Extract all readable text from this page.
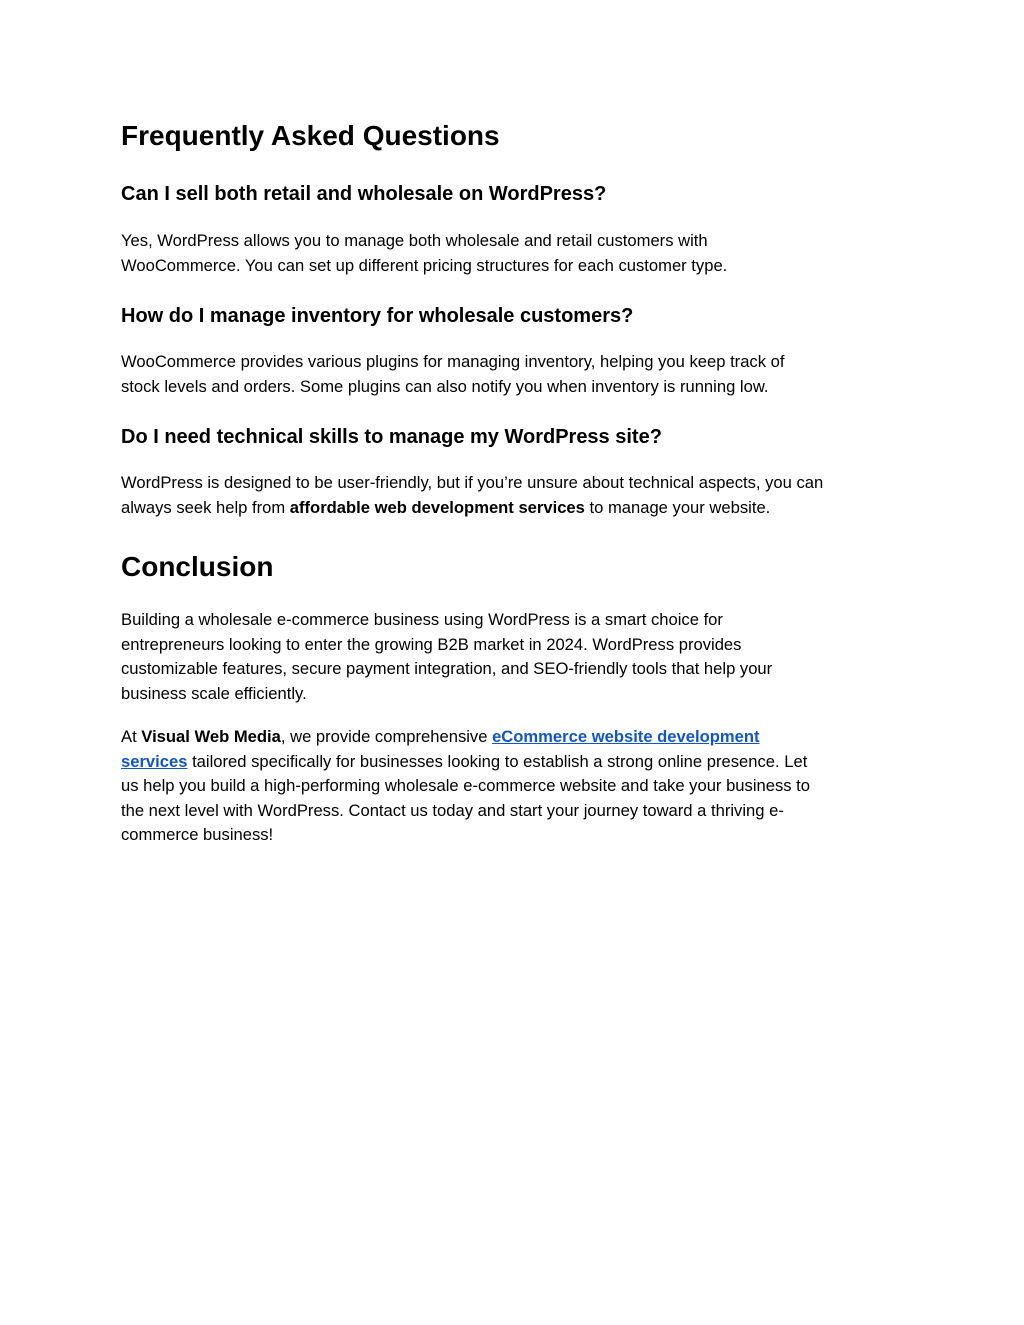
Frequently Asked Questions
Can I sell both retail and wholesale on WordPress?

Yes, WordPress allows you to manage both wholesale and retail customers with
WooCommerce. You can set up different pricing structures for each customer type.

How do I manage inventory for wholesale customers?

WooCommerce provides various plugins for managing inventory, helping you keep track of
stock levels and orders. Some plugins can also notify you when inventory is running low.

Do I need technical skills to manage my WordPress site?

WordPress is designed to be user-friendly, but if you’re unsure about technical aspects, you can
always seek help from affordable web development services to manage your website.

Conclusion

Building a wholesale e-commerce business using WordPress is a smart choice for
entrepreneurs looking to enter the growing B2B market in 2024. WordPress provides
customizable features, secure payment integration, and SEO-friendly tools that help your
business scale efficiently.

At Visual Web Media, we provide comprehensive eCommerce website development
services tailored specifically for businesses looking to establish a strong online presence. Let
us help you build a high-performing wholesale e-commerce website and take your business to
the next level with WordPress. Contact us today and start your journey toward a thriving e-
commerce business!
